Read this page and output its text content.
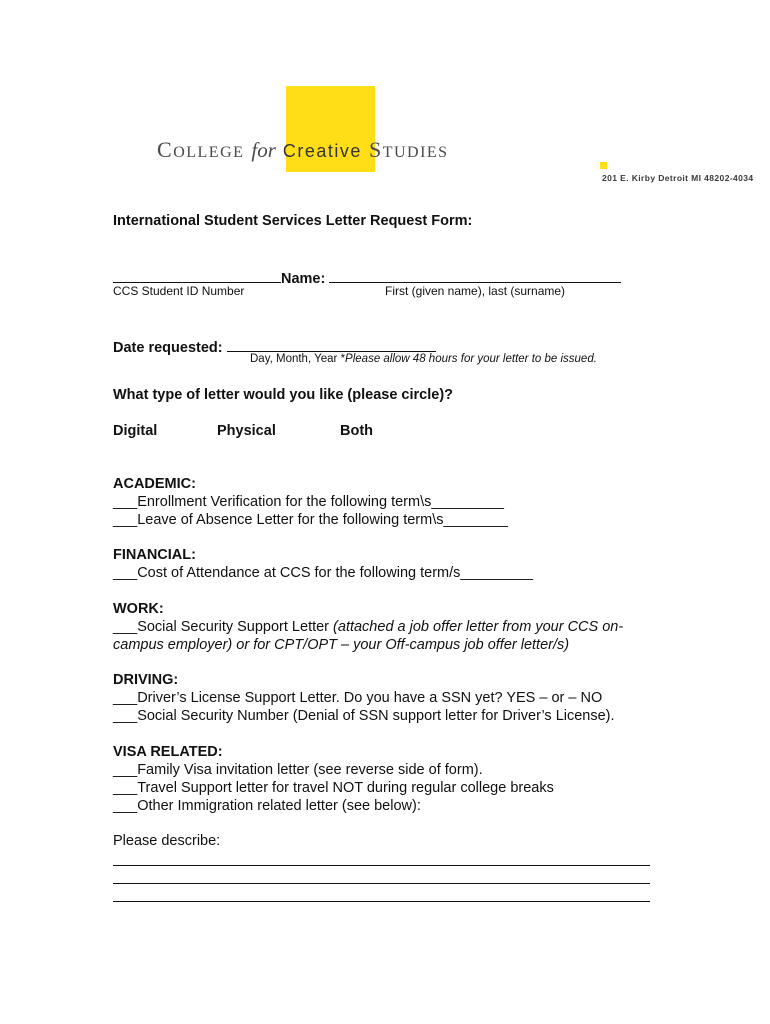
COLLEGE for Creative STUDIES
201 E. Kirby Detroit MI 48202-4034
International Student Services Letter Request Form:
Name:
CCS Student ID Number	First (given name), last (surname)
Date requested:
Day, Month, Year *Please allow 48 hours for your letter to be issued.
What type of letter would you like (please circle)?
Digital	Physical	Both
ACADEMIC:
___Enrollment Verification for the following term\s_________
___Leave of Absence Letter for the following term\s________
FINANCIAL:
___Cost of Attendance at CCS for the following term/s_________
WORK:
___Social Security Support Letter (attached a job offer letter from your CCS on-
campus employer) or for CPT/OPT – your Off-campus job offer letter/s)
DRIVING:
___Driver’s License Support Letter. Do you have a SSN yet? YES – or – NO
___Social Security Number (Denial of SSN support letter for Driver’s License).
VISA RELATED:
___Family Visa invitation letter (see reverse side of form).
___Travel Support letter for travel NOT during regular college breaks
___Other Immigration related letter (see below):
Please describe:
